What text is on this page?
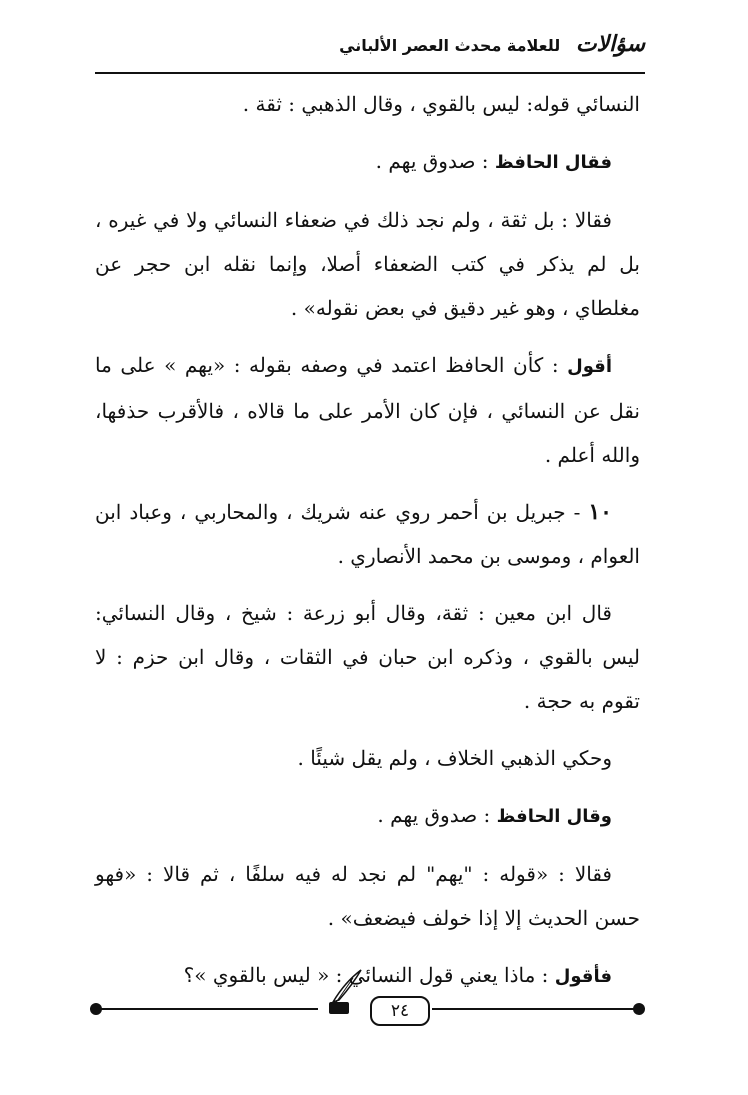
سؤالات للعلامة محدث العصر الألباني

النسائي قوله: ليس بالقوي ، وقال الذهبي : ثقة .

فقال الحافظ : صدوق يهم .

فقالا : بل ثقة ، ولم نجد ذلك في ضعفاء النسائي ولا في غيره ، بل لم يذكر في كتب الضعفاء أصلا، وإنما نقله ابن حجر عن مغلطاي ، وهو غير دقيق في بعض نقوله» .

أقول : كأن الحافظ اعتمد في وصفه بقوله : «يهم » على ما نقل عن النسائي ، فإن كان الأمر على ما قالاه ، فالأقرب حذفها، والله أعلم .

١٠ - جبريل بن أحمر روي عنه شريك ، والمحاربي ، وعباد ابن العوام ، وموسى بن محمد الأنصاري .

قال ابن معين : ثقة، وقال أبو زرعة : شيخ ، وقال النسائي: ليس بالقوي ، وذكره ابن حبان في الثقات ، وقال ابن حزم : لا تقوم به حجة .

وحكي الذهبي الخلاف ، ولم يقل شيئًا .

وقال الحافظ : صدوق يهم .

فقالا : «قوله : "يهم" لم نجد له فيه سلفًا ، ثم قالا : «فهو حسن الحديث إلا إذا خولف فيضعف» .

فأقول : ماذا يعني قول النسائي : « ليس بالقوي »؟

٢٤
